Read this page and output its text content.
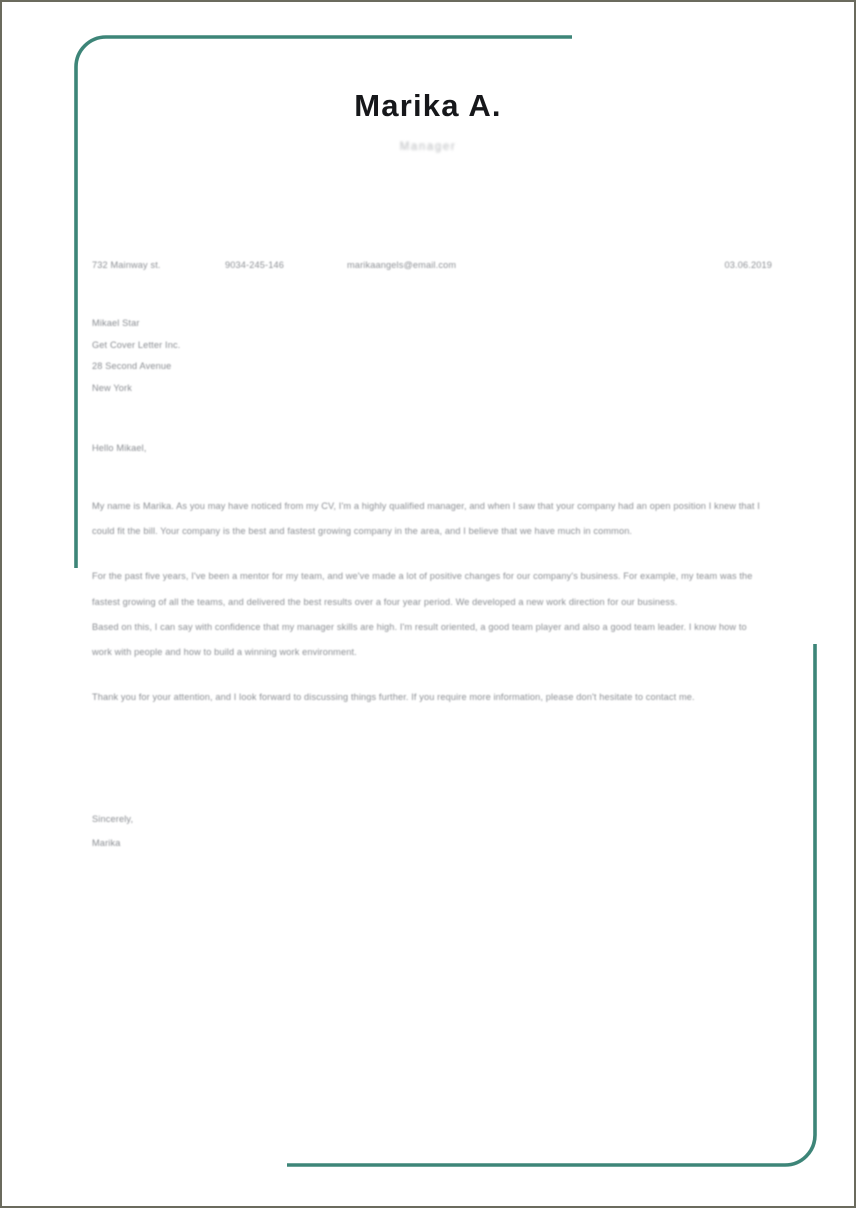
Marika A.
Manager
732 Mainway st.	9034-245-146	marikaangels@email.com	03.06.2019
Mikael Star
Get Cover Letter Inc.
28 Second Avenue
New York
Hello Mikael,

My name is Marika. As you may have noticed from my CV, I'm a highly qualified manager, and when I saw that your company had an open position I knew that I could fit the bill. Your company is the best and fastest growing company in the area, and I believe that we have much in common.

For the past five years, I've been a mentor for my team, and we've made a lot of positive changes for our company's business. For example, my team was the fastest growing of all the teams, and delivered the best results over a four year period. We developed a new work direction for our business.

Based on this, I can say with confidence that my manager skills are high. I'm result oriented, a good team player and also a good team leader. I know how to work with people and how to build a winning work environment.

Thank you for your attention, and I look forward to discussing things further. If you require more information, please don't hesitate to contact me.

Sincerely,
Marika
